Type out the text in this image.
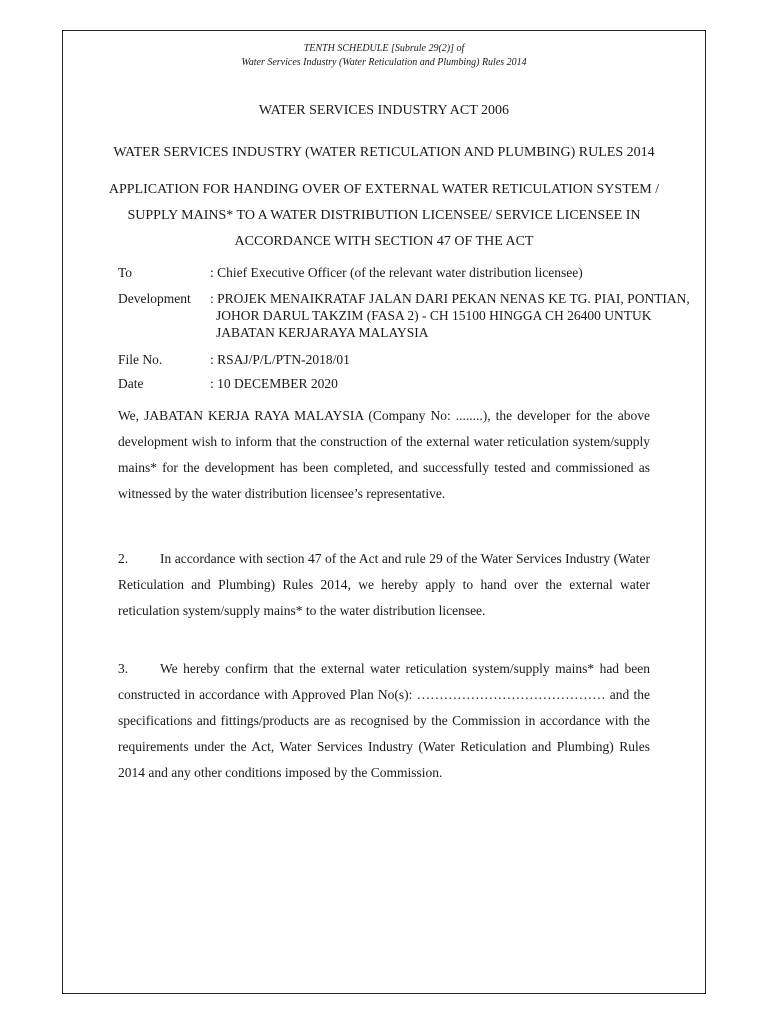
TENTH SCHEDULE [Subrule 29(2)] of
Water Services Industry (Water Reticulation and Plumbing) Rules 2014
WATER SERVICES INDUSTRY ACT 2006
WATER SERVICES INDUSTRY (WATER RETICULATION AND PLUMBING) RULES 2014
APPLICATION FOR HANDING OVER OF EXTERNAL WATER RETICULATION SYSTEM /
SUPPLY MAINS* TO A WATER DISTRIBUTION LICENSEE/ SERVICE LICENSEE IN
ACCORDANCE WITH SECTION 47 OF THE ACT
To	: Chief Executive Officer (of the relevant water distribution licensee)
Development : PROJEK MENAIKRATAF JALAN DARI PEKAN NENAS KE TG. PIAI, PONTIAN,
JOHOR DARUL TAKZIM (FASA 2) - CH 15100 HINGGA CH 26400 UNTUK
JABATAN KERJARAYA MALAYSIA
File No.	: RSAJ/P/L/PTN-2018/01
Date	: 10 DECEMBER 2020
We, JABATAN KERJA RAYA MALAYSIA (Company No: ........), the developer for the above development wish to inform that the construction of the external water reticulation system/supply mains* for the development has been completed, and successfully tested and commissioned as witnessed by the water distribution licensee’s representative.
2. In accordance with section 47 of the Act and rule 29 of the Water Services Industry (Water Reticulation and Plumbing) Rules 2014, we hereby apply to hand over the external water reticulation system/supply mains* to the water distribution licensee.
3. We hereby confirm that the external water reticulation system/supply mains* had been constructed in accordance with Approved Plan No(s): …………………………………… and the specifications and fittings/products are as recognised by the Commission in accordance with the requirements under the Act, Water Services Industry (Water Reticulation and Plumbing) Rules 2014 and any other conditions imposed by the Commission.
